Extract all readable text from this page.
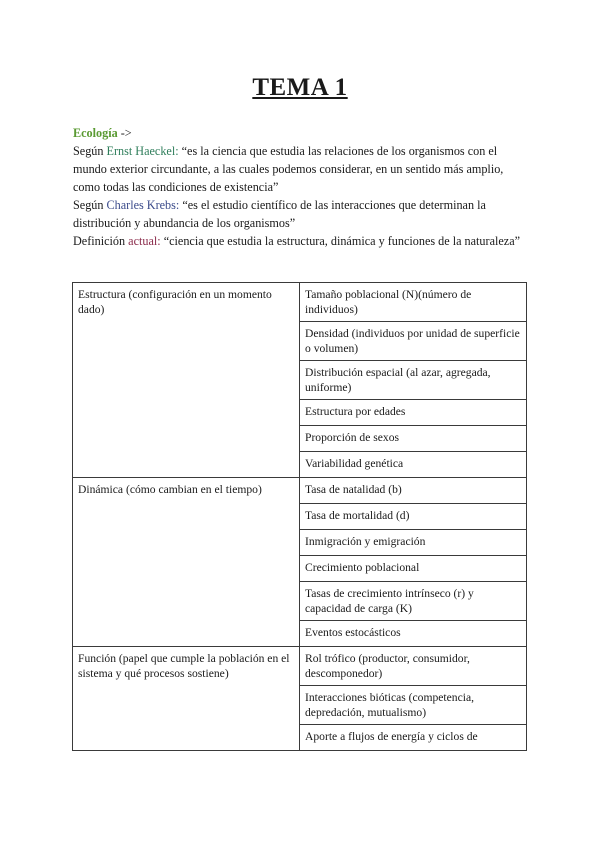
TEMA 1

Ecología ->

Según Ernst Haeckel: “es la ciencia que estudia las relaciones de los organismos con el mundo exterior circundante, a las cuales podemos considerar, en un sentido más amplio, como todas las condiciones de existencia”

Según Charles Krebs: “es el estudio científico de las interacciones que determinan la distribución y abundancia de los organismos”

Definición actual: “ciencia que estudia la estructura, dinámica y funciones de la naturaleza”

Estructura (configuración en un momento dado)	Tamaño poblacional (N)(número de individuos)
	Densidad (individuos por unidad de superficie o volumen)
	Distribución espacial (al azar, agregada, uniforme)
	Estructura por edades
	Proporción de sexos
	Variabilidad genética
Dinámica (cómo cambian en el tiempo)	Tasa de natalidad (b)
	Tasa de mortalidad (d)
	Inmigración y emigración
	Crecimiento poblacional
	Tasas de crecimiento intrínseco (r) y capacidad de carga (K)
	Eventos estocásticos
Función (papel que cumple la población en el sistema y qué procesos sostiene)	Rol trófico (productor, consumidor, descomponedor)
	Interacciones bióticas (competencia, depredación, mutualismo)
	Aporte a flujos de energía y ciclos de
